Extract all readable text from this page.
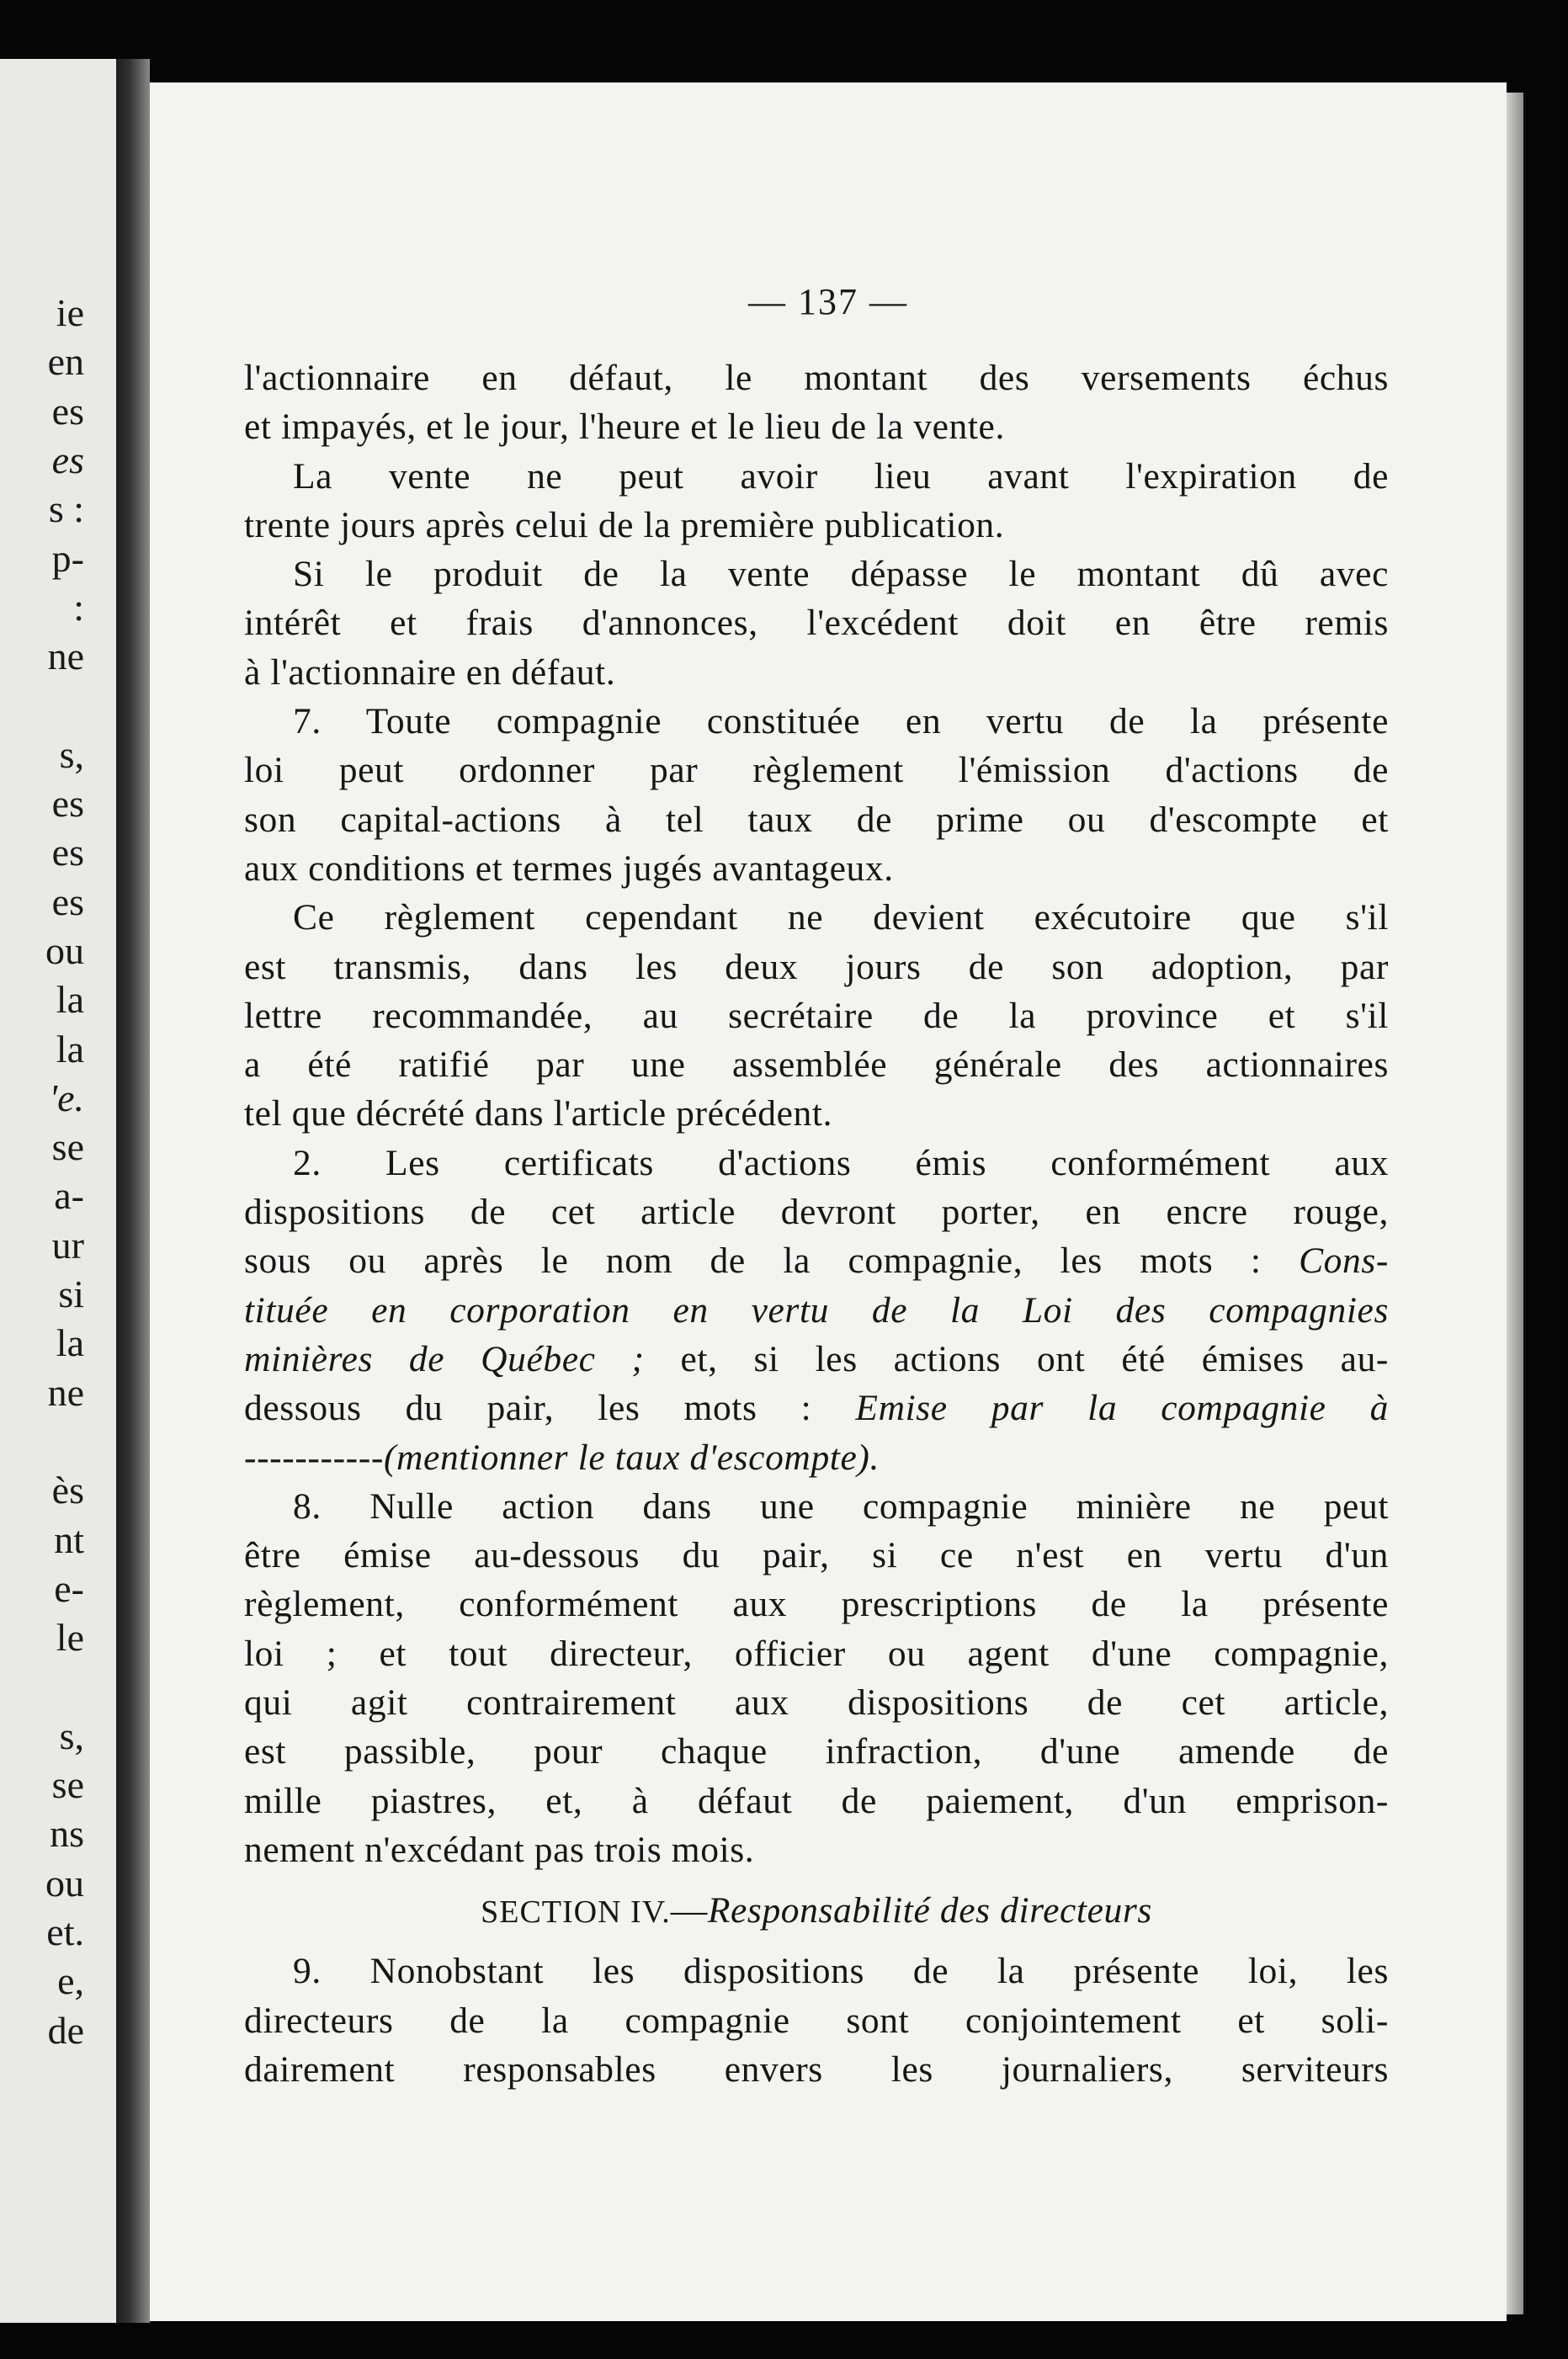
ie
en
es
es
s :
p-
:
ne
s,
es
es
es
ou
la
la
'e.
se
a-
ur
si
la
ne
ès
nt
e-
le
s,
se
ns
ou
et.
e,
de
— 137 —
l'actionnaire en défaut, le montant des versements échus
et impayés, et le jour, l'heure et le lieu de la vente.
La vente ne peut avoir lieu avant l'expiration de
trente jours après celui de la première publication.
Si le produit de la vente dépasse le montant dû avec
intérêt et frais d'annonces, l'excédent doit en être remis
à l'actionnaire en défaut.
7. Toute compagnie constituée en vertu de la présente
loi peut ordonner par règlement l'émission d'actions de
son capital-actions à tel taux de prime ou d'escompte et
aux conditions et termes jugés avantageux.
Ce règlement cependant ne devient exécutoire que s'il
est transmis, dans les deux jours de son adoption, par
lettre recommandée, au secrétaire de la province et s'il
a été ratifié par une assemblée générale des actionnaires
tel que décrété dans l'article précédent.
2. Les certificats d'actions émis conformément aux
dispositions de cet article devront porter, en encre rouge,
sous ou après le nom de la compagnie, les mots : Cons-
tituée en corporation en vertu de la Loi des compagnies
minières de Québec ; et, si les actions ont été émises au-
dessous du pair, les mots : Emise par la compagnie à
-----------(mentionner le taux d'escompte).
8. Nulle action dans une compagnie minière ne peut
être émise au-dessous du pair, si ce n'est en vertu d'un
règlement, conformément aux prescriptions de la présente
loi ; et tout directeur, officier ou agent d'une compagnie,
qui agit contrairement aux dispositions de cet article,
est passible, pour chaque infraction, d'une amende de
mille piastres, et, à défaut de paiement, d'un emprison-
nement n'excédant pas trois mois.
SECTION IV.—Responsabilité des directeurs
9. Nonobstant les dispositions de la présente loi, les
directeurs de la compagnie sont conjointement et soli-
dairement responsables envers les journaliers, serviteurs
